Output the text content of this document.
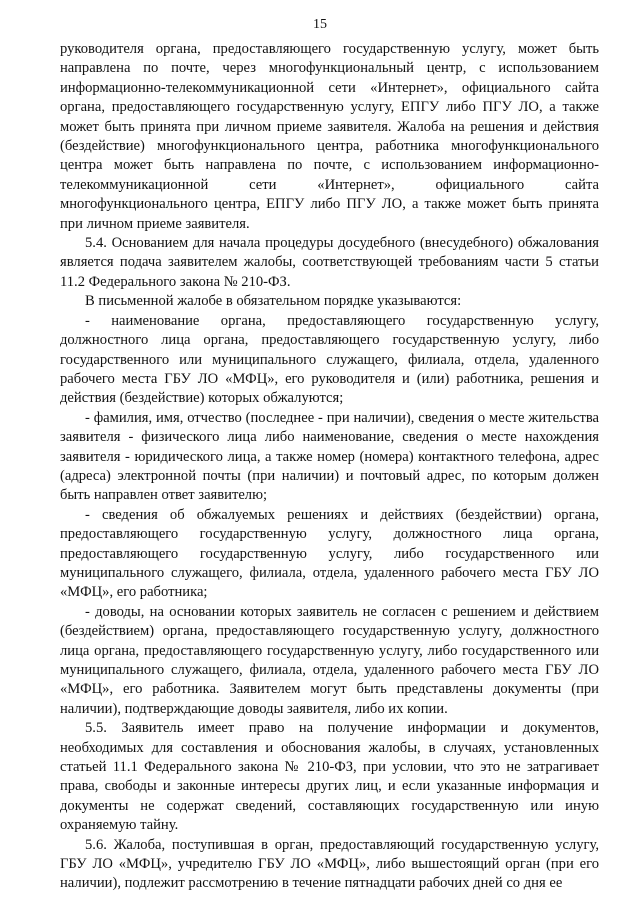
15

руководителя органа, предоставляющего государственную услугу, может быть направлена по почте, через многофункциональный центр, с использованием информационно-телекоммуникационной сети «Интернет», официального сайта органа, предоставляющего государственную услугу, ЕПГУ либо ПГУ ЛО, а также может быть принята при личном приеме заявителя. Жалоба на решения и действия (бездействие) многофункционального центра, работника многофункционального центра может быть направлена по почте, с использованием информационно-телекоммуникационной сети «Интернет», официального сайта многофункционального центра, ЕПГУ либо ПГУ ЛО, а также может быть принята при личном приеме заявителя.

5.4. Основанием для начала процедуры досудебного (внесудебного) обжалования является подача заявителем жалобы, соответствующей требованиям части 5 статьи 11.2 Федерального закона № 210-ФЗ.

В письменной жалобе в обязательном порядке указываются:

- наименование органа, предоставляющего государственную услугу, должностного лица органа, предоставляющего государственную услугу, либо государственного или муниципального служащего, филиала, отдела, удаленного рабочего места ГБУ ЛО «МФЦ», его руководителя и (или) работника, решения и действия (бездействие) которых обжалуются;

- фамилия, имя, отчество (последнее - при наличии), сведения о месте жительства заявителя - физического лица либо наименование, сведения о месте нахождения заявителя - юридического лица, а также номер (номера) контактного телефона, адрес (адреса) электронной почты (при наличии) и почтовый адрес, по которым должен быть направлен ответ заявителю;

- сведения об обжалуемых решениях и действиях (бездействии) органа, предоставляющего государственную услугу, должностного лица органа, предоставляющего государственную услугу, либо государственного или муниципального служащего, филиала, отдела, удаленного рабочего места ГБУ ЛО «МФЦ», его работника;

- доводы, на основании которых заявитель не согласен с решением и действием (бездействием) органа, предоставляющего государственную услугу, должностного лица органа, предоставляющего государственную услугу, либо государственного или муниципального служащего, филиала, отдела, удаленного рабочего места ГБУ ЛО «МФЦ», его работника. Заявителем могут быть представлены документы (при наличии), подтверждающие доводы заявителя, либо их копии.

5.5. Заявитель имеет право на получение информации и документов, необходимых для составления и обоснования жалобы, в случаях, установленных статьей 11.1 Федерального закона № 210-ФЗ, при условии, что это не затрагивает права, свободы и законные интересы других лиц, и если указанные информация и документы не содержат сведений, составляющих государственную или иную охраняемую тайну.

5.6. Жалоба, поступившая в орган, предоставляющий государственную услугу, ГБУ ЛО «МФЦ», учредителю ГБУ ЛО «МФЦ», либо вышестоящий орган (при его наличии), подлежит рассмотрению в течение пятнадцати рабочих дней со дня ее
